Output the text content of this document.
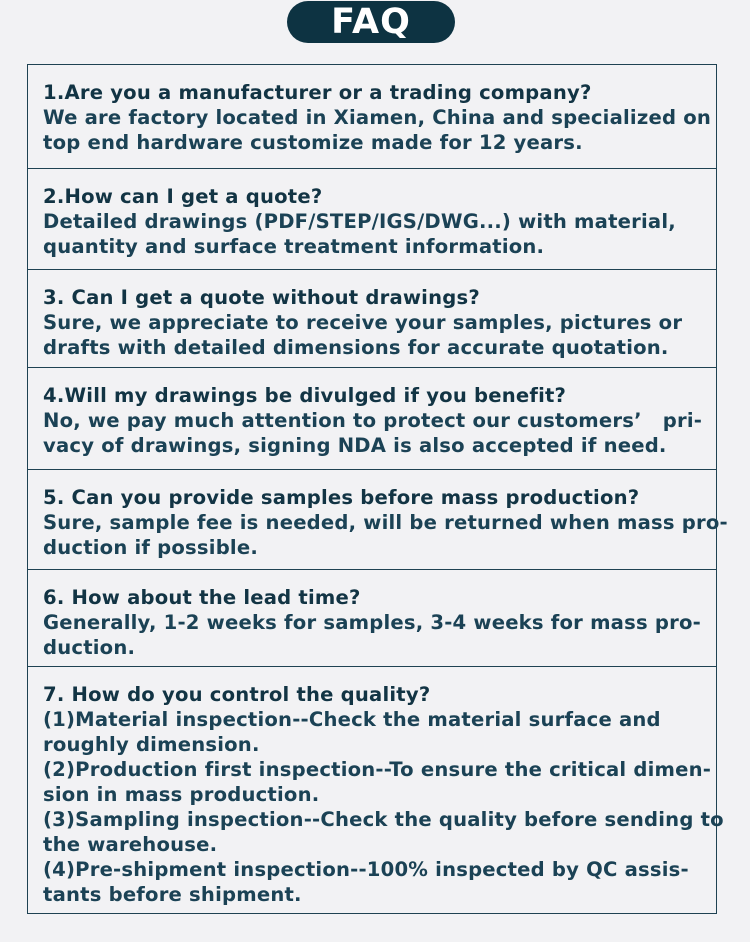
FAQ
1.Are you a manufacturer or a trading company?
We are factory located in Xiamen, China and specialized on
top end hardware customize made for 12 years.
2.How can I get a quote?
Detailed drawings (PDF/STEP/IGS/DWG...) with material,
quantity and surface treatment information.
3. Can I get a quote without drawings?
Sure, we appreciate to receive your samples, pictures or
drafts with detailed dimensions for accurate quotation.
4.Will my drawings be divulged if you benefit?
No, we pay much attention to protect our customers’   pri-
vacy of drawings, signing NDA is also accepted if need.
5. Can you provide samples before mass production?
Sure, sample fee is needed, will be returned when mass pro-
duction if possible.
6. How about the lead time?
Generally, 1-2 weeks for samples, 3-4 weeks for mass pro-
duction.
7. How do you control the quality?
(1)Material inspection--Check the material surface and
roughly dimension.
(2)Production first inspection--To ensure the critical dimen-
sion in mass production.
(3)Sampling inspection--Check the quality before sending to
the warehouse.
(4)Pre-shipment inspection--100% inspected by QC assis-
tants before shipment.
